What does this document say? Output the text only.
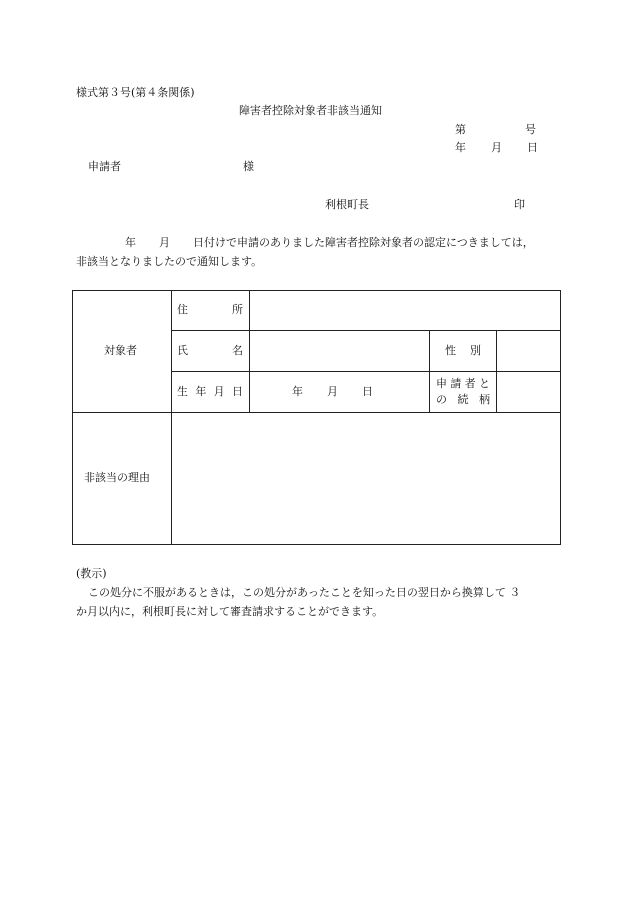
様式第３号(第４条関係)
障害者控除対象者非該当通知
第	号
年 月 日
申請者	様
利根町長	印
年 月 日付けで申請のありました障害者控除対象者の認定につきましては，
非該当となりましたので通知します。
対象者
住	所
氏	名	性 別
生 年 月 日	年 月 日
申 請 者 と
の 続 柄
非該当の理由
(教示)
この処分に不服があるときは，この処分があったことを知った日の翌日から換算して ３
か月以内に，利根町長に対して審査請求することができます。
